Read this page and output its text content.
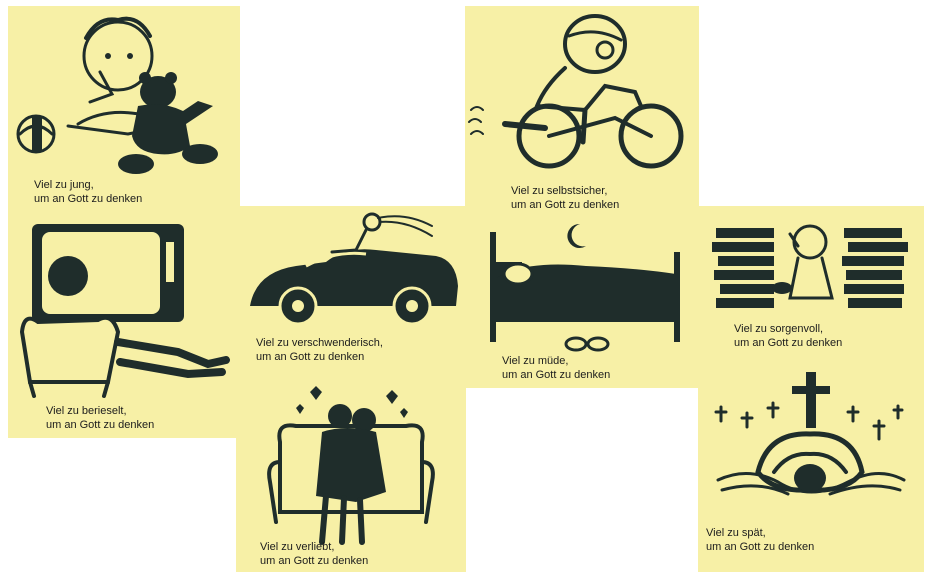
Viel zu jung,
um an Gott zu denken
Viel zu selbstsicher,
um an Gott zu denken
Viel zu berieselt,
um an Gott zu denken
Viel zu verschwenderisch,
um an Gott zu denken	Viel zu müde,
um an Gott zu denken
Viel zu sorgenvoll,
um an Gott zu denken
Viel zu verliebt,
um an Gott zu denken
Viel zu spät,
um an Gott zu denken
